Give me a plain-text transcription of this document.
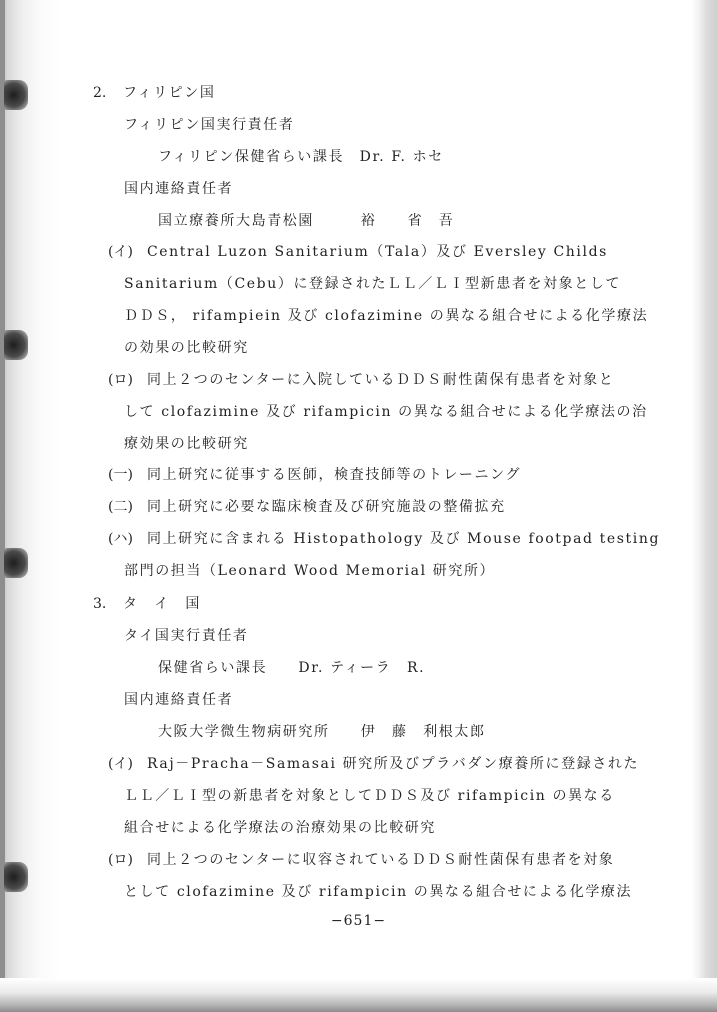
2. フィリピン国
フィリピン国実行責任者
フィリピン保健省らい課長　Dr. F. ホセ
国内連絡責任者
国立療養所大島青松園　　　裕　　省　吾
(イ) Central Luzon Sanitarium（Tala）及び Eversley Childs
Sanitarium（Cebu）に登録されたＬＬ／ＬＩ型新患者を対象として
ＤＤＳ， rifampiein 及び clofazimine の異なる組合せによる化学療法
の効果の比較研究
(ロ) 同上２つのセンターに入院しているＤＤＳ耐性菌保有患者を対象と
して clofazimine 及び rifampicin の異なる組合せによる化学療法の治
療効果の比較研究
(一) 同上研究に従事する医師，検査技師等のトレーニング
(二) 同上研究に必要な臨床検査及び研究施設の整備拡充
(ハ) 同上研究に含まれる Histopathology 及び Mouse footpad testing
部門の担当（Leonard Wood Memorial 研究所）
3. タ　イ　国
タイ国実行責任者
保健省らい課長　　Dr. ティーラ　R.
国内連絡責任者
大阪大学微生物病研究所　　伊　藤　利根太郎
(イ) Raj－Pracha－Samasai 研究所及びプラバダン療養所に登録された
ＬＬ／ＬＩ型の新患者を対象としてＤＤＳ及び rifampicin の異なる
組合せによる化学療法の治療効果の比較研究
(ロ) 同上２つのセンターに収容されているＤＤＳ耐性菌保有患者を対象
として clofazimine 及び rifampicin の異なる組合せによる化学療法
−651−
